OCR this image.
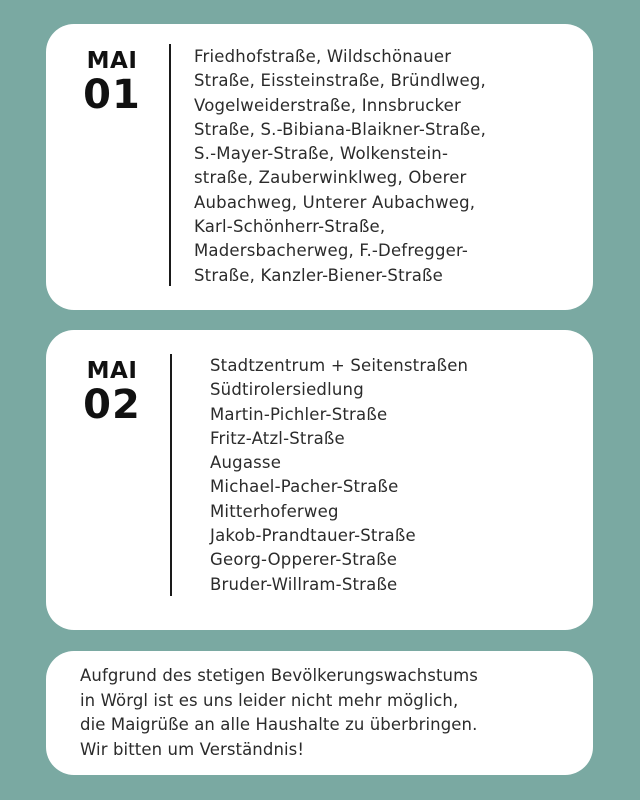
MAI
01
Friedhofstraße, Wildschönauer
Straße, Eissteinstraße, Bründlweg,
Vogelweiderstraße, Innsbrucker
Straße, S.-Bibiana-Blaikner-Straße,
S.-Mayer-Straße, Wolkenstein-
straße, Zauberwinklweg, Oberer
Aubachweg, Unterer Aubachweg,
Karl-Schönherr-Straße,
Madersbacherweg, F.-Defregger-
Straße, Kanzler-Biener-Straße
MAI
02
Stadtzentrum + Seitenstraßen
Südtirolersiedlung
Martin-Pichler-Straße
Fritz-Atzl-Straße
Augasse
Michael-Pacher-Straße
Mitterhoferweg
Jakob-Prandtauer-Straße
Georg-Opperer-Straße
Bruder-Willram-Straße
Aufgrund des stetigen Bevölkerungswachstums
in Wörgl ist es uns leider nicht mehr möglich,
die Maigrüße an alle Haushalte zu überbringen.
Wir bitten um Verständnis!
